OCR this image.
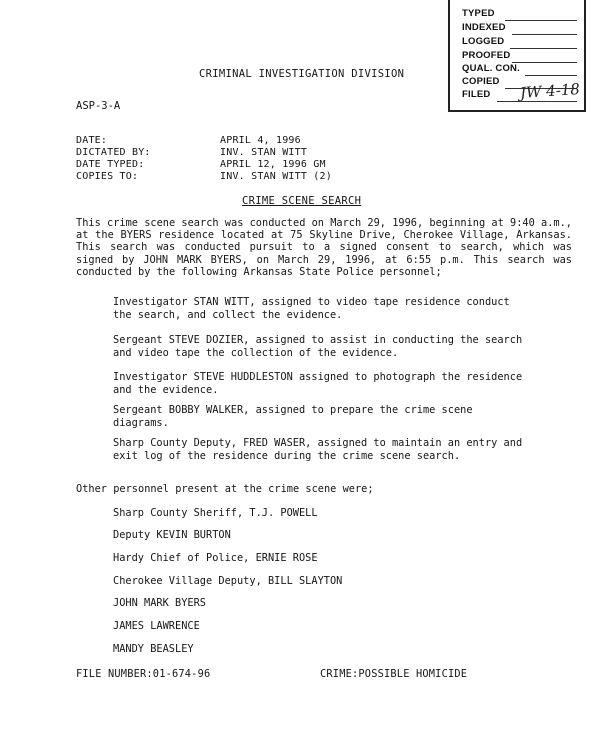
TYPED
INDEXED
LOGGED
PROOFED
QUAL. CON.
COPIED
FILED JW 4-18
CRIMINAL INVESTIGATION DIVISION
ASP-3-A
DATE:
DICTATED BY:
DATE TYPED:
COPIES TO:
APRIL 4, 1996
INV. STAN WITT
APRIL 12, 1996 GM
INV. STAN WITT (2)
CRIME SCENE SEARCH
This crime scene search was conducted on March 29, 1996, beginning at 9:40 a.m., at the BYERS residence located at 75 Skyline Drive, Cherokee Village, Arkansas. This search was conducted pursuit to a signed consent to search, which was signed by JOHN MARK BYERS, on March 29, 1996, at 6:55 p.m. This search was conducted by the following Arkansas State Police personnel;
Investigator STAN WITT, assigned to video tape residence conduct the search, and collect the evidence.
Sergeant STEVE DOZIER, assigned to assist in conducting the search and video tape the collection of the evidence.
Investigator STEVE HUDDLESTON assigned to photograph the residence and the evidence.
Sergeant BOBBY WALKER, assigned to prepare the crime scene diagrams.
Sharp County Deputy, FRED WASER, assigned to maintain an entry and exit log of the residence during the crime scene search.
Other personnel present at the crime scene were;
Sharp County Sheriff, T.J. POWELL
Deputy KEVIN BURTON
Hardy Chief of Police, ERNIE ROSE
Cherokee Village Deputy, BILL SLAYTON
JOHN MARK BYERS
JAMES LAWRENCE
MANDY BEASLEY
FILE NUMBER:01-674-96	CRIME:POSSIBLE HOMICIDE
